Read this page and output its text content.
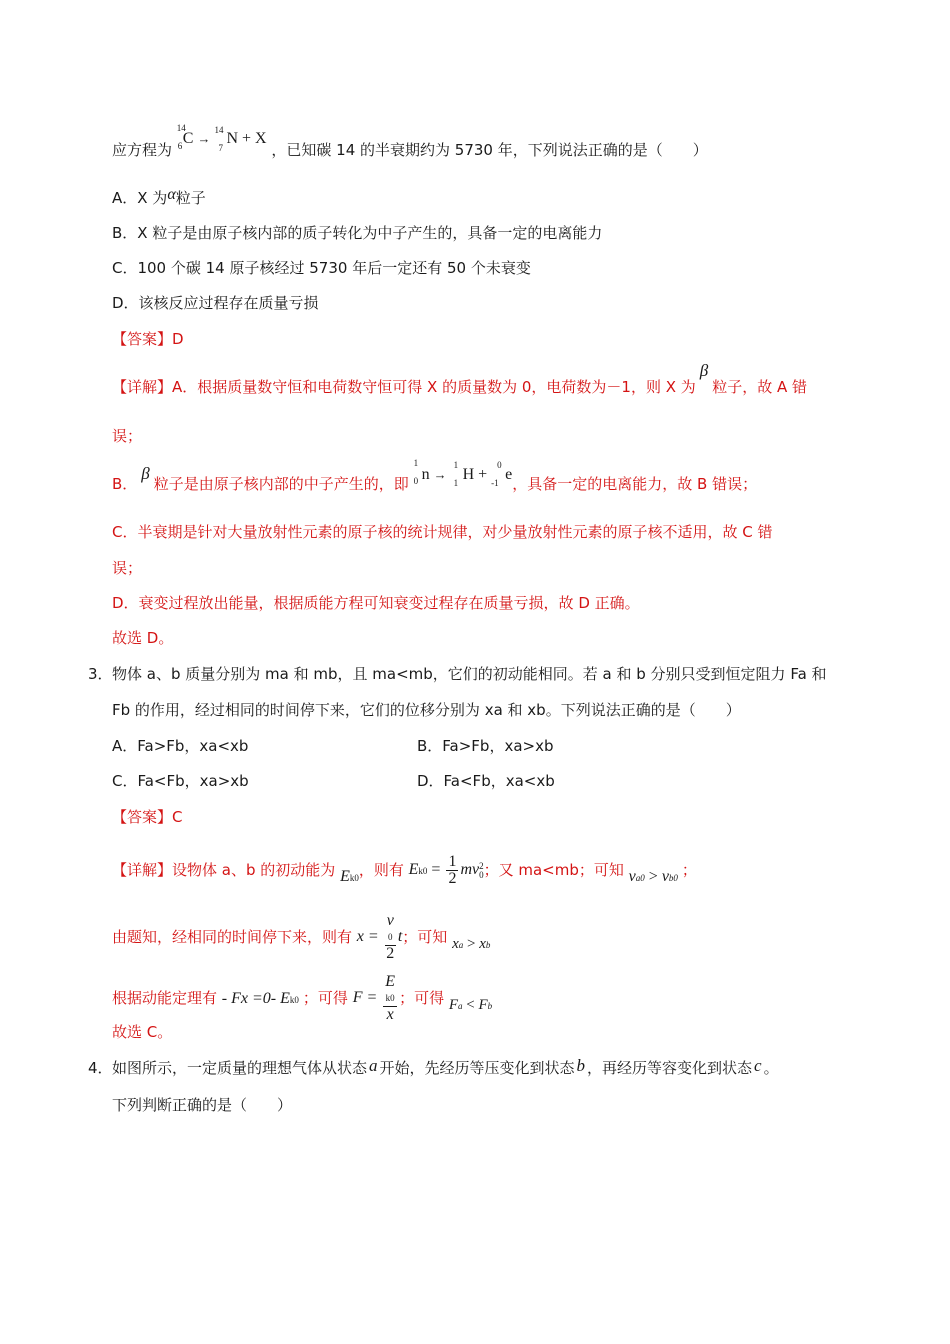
应方程为
14
6 C →
14
7
N + X ，已知碳 14 的半衰期约为 5730 年，下列说法正确的是（　　）
A．X 为α粒子
B．X 粒子是由原子核内部的质子转化为中子产生的，具备一定的电离能力
C．100 个碳 14 原子核经过 5730 年后一定还有 50 个未衰变
D．该核反应过程存在质量亏损
【答案】D
【详解】A．根据质量数守恒和电荷数守恒可得 X 的质量数为 0，电荷数为－1，则 X 为β粒子，故 A 错
误；
B．β粒子是由原子核内部的中子产生的，即
1
0 n →
1
1 H +
0
-1 e，具备一定的电离能力，故 B 错误；
C．半衰期是针对大量放射性元素的原子核的统计规律，对少量放射性元素的原子核不适用，故 C 错
误；
D．衰变过程放出能量，根据质能方程可知衰变过程存在质量亏损，故 D 正确。
故选 D。
3．物体 a、b 质量分别为 ma 和 mb，且 ma<mb，它们的初动能相同。若 a 和 b 分别只受到恒定阻力 Fa 和
Fb 的作用，经过相同的时间停下来，它们的位移分别为 xa 和 xb。下列说法正确的是（　　）
A．Fa>Fb，xa<xb	B．Fa>Fb，xa>xb
C．Fa<Fb，xa>xb	D．Fa<Fb，xa<xb
【答案】C
【详解】设物体 a、b 的初动能为 Ek0，则有 $Ek0 = \frac{1}{2}$ mv 2
0 ；又 ma<mb；可知 va0 > vb0 ；
由题知，经相同的时间停下来，则有 x = v
0
2 t；可知 xa > xb
根据动能定理有 - Fx =0- Ek0 ；可得 F = E
k0
x ；可得 Fa < Fb
故选 C。
4．如图所示，一定质量的理想气体从状态 a 开始，先经历等压变化到状态 b ，再经历等容变化到状态 c 。
下列判断正确的是（　　）
